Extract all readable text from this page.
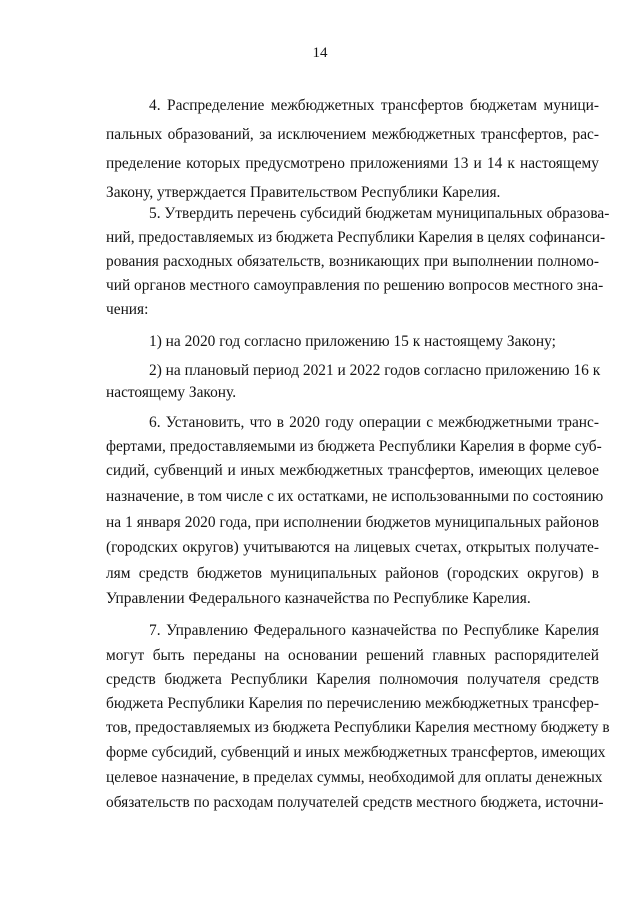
14
4. Распределение межбюджетных трансфертов бюджетам муници-
пальных образований, за исключением межбюджетных трансфертов, рас-
пределение которых предусмотрено приложениями 13 и 14 к настоящему
Закону, утверждается Правительством Республики Карелия.
5. Утвердить перечень субсидий бюджетам муниципальных образова-
ний, предоставляемых из бюджета Республики Карелия в целях софинанси-
рования расходных обязательств, возникающих при выполнении полномо-
чий органов местного самоуправления по решению вопросов местного зна-
чения:
1) на 2020 год согласно приложению 15 к настоящему Закону;
2) на плановый период 2021 и 2022 годов согласно приложению 16 к
настоящему Закону.
6. Установить, что в 2020 году операции с межбюджетными транс-
фертами, предоставляемыми из бюджета Республики Карелия в форме суб-
сидий, субвенций и иных межбюджетных трансфертов, имеющих целевое
назначение, в том числе с их остатками, не использованными по состоянию
на 1 января 2020 года, при исполнении бюджетов муниципальных районов
(городских округов) учитываются на лицевых счетах, открытых получате-
лям средств бюджетов муниципальных районов (городских округов) в
Управлении Федерального казначейства по Республике Карелия.
7. Управлению Федерального казначейства по Республике Карелия
могут быть переданы на основании решений главных распорядителей
средств бюджета Республики Карелия полномочия получателя средств
бюджета Республики Карелия по перечислению межбюджетных трансфер-
тов, предоставляемых из бюджета Республики Карелия местному бюджету в
форме субсидий, субвенций и иных межбюджетных трансфертов, имеющих
целевое назначение, в пределах суммы, необходимой для оплаты денежных
обязательств по расходам получателей средств местного бюджета, источни-
